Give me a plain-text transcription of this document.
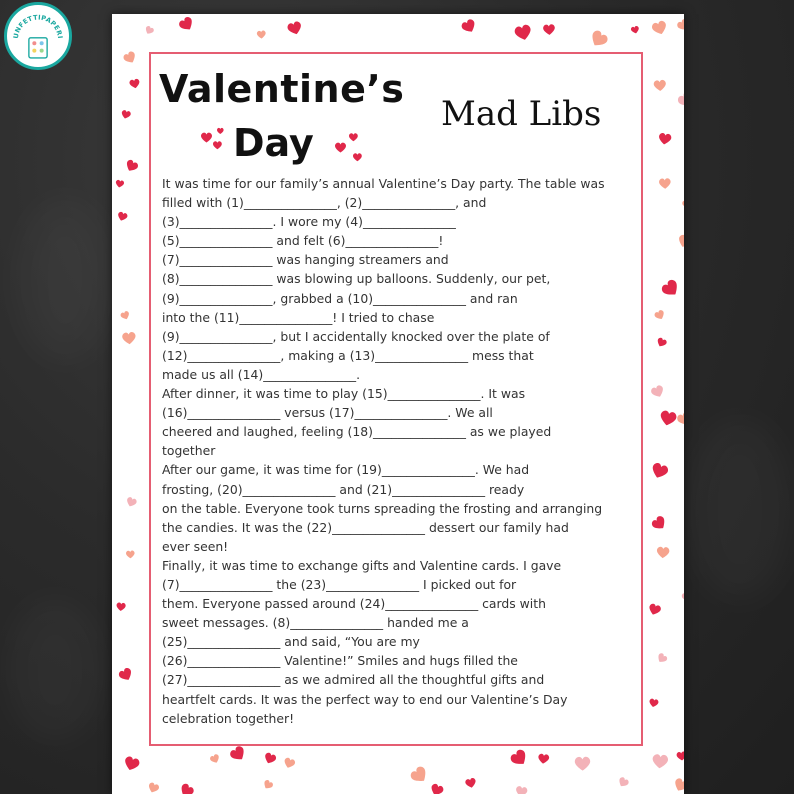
UNFETTIPAPERI
Valentine’s
Day
Mad Libs
It was time for our family’s annual Valentine’s Day party. The table was
filled with (1)_______________, (2)_______________, and
(3)_______________. I wore my (4)_______________
(5)_______________ and felt (6)_______________!
(7)_______________ was hanging streamers and
(8)_______________ was blowing up balloons. Suddenly, our pet,
(9)_______________, grabbed a (10)_______________ and ran
into the (11)_______________! I tried to chase
(9)_______________, but I accidentally knocked over the plate of
(12)_______________, making a (13)_______________ mess that
made us all (14)_______________.
After dinner, it was time to play (15)_______________. It was
(16)_______________ versus (17)_______________. We all
cheered and laughed, feeling (18)_______________ as we played
together
After our game, it was time for (19)_______________. We had
frosting, (20)_______________ and (21)_______________ ready
on the table. Everyone took turns spreading the frosting and arranging
the candies. It was the (22)_______________ dessert our family had
ever seen!
Finally, it was time to exchange gifts and Valentine cards. I gave
(7)_______________ the (23)_______________ I picked out for
them. Everyone passed around (24)_______________ cards with
sweet messages. (8)_______________ handed me a
(25)_______________ and said, “You are my
(26)_______________ Valentine!” Smiles and hugs filled the
(27)_______________ as we admired all the thoughtful gifts and
heartfelt cards. It was the perfect way to end our Valentine’s Day
celebration together!
